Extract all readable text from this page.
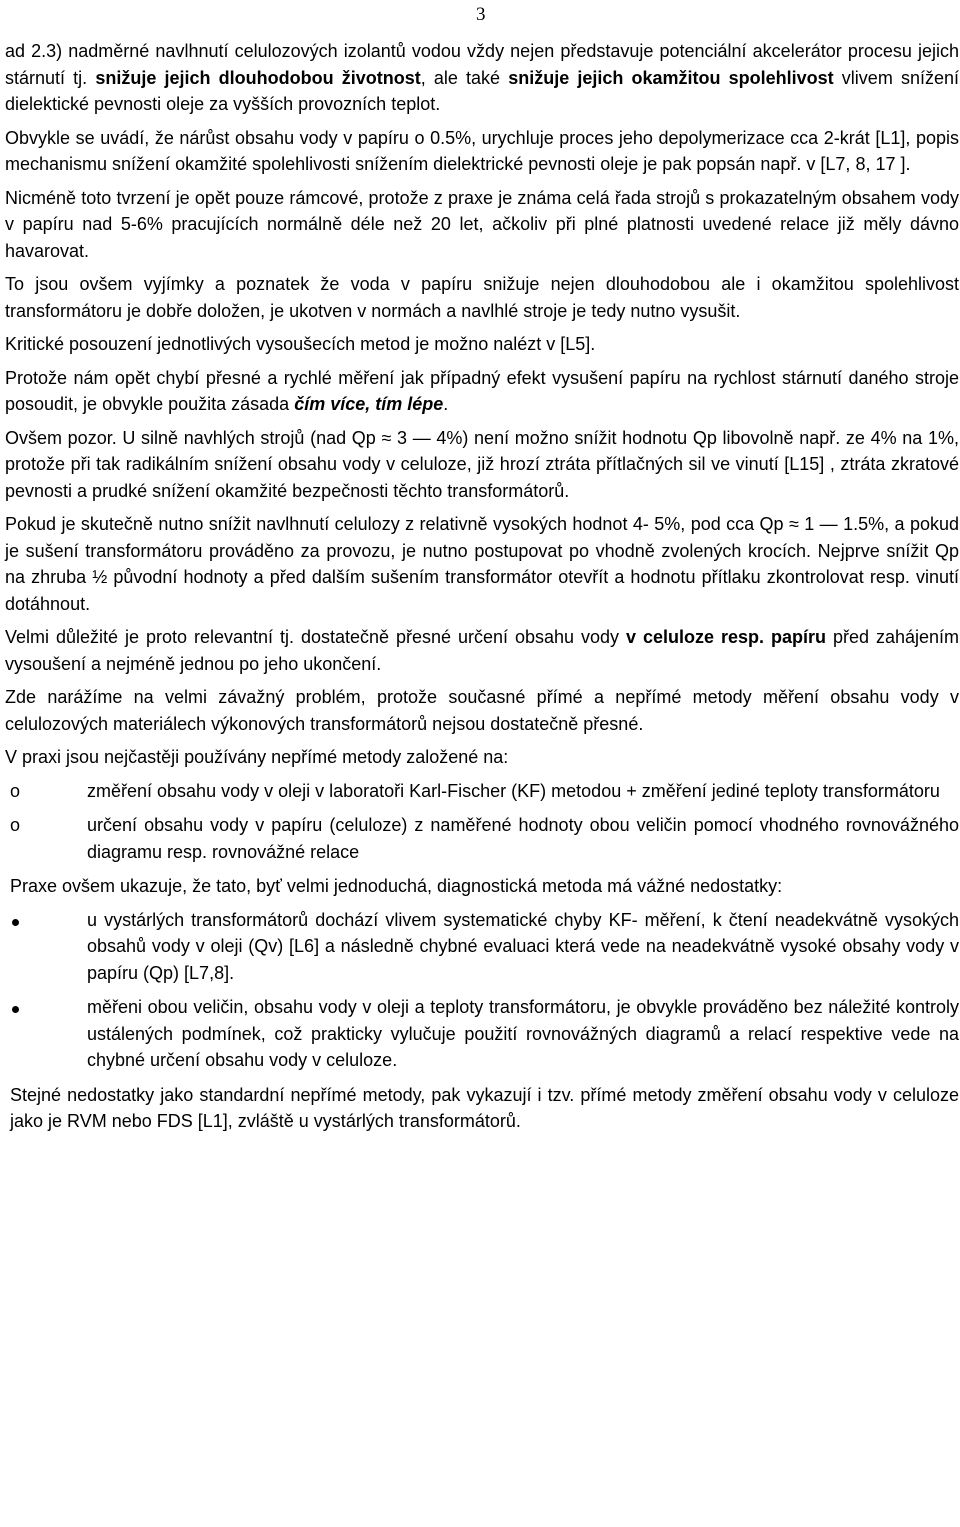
3

ad 2.3) nadměrné navlhnutí celulozových izolantů vodou vždy nejen představuje potenciální akcelerátor procesu jejich stárnutí tj. snižuje jejich dlouhodobou životnost, ale také snižuje jejich okamžitou spolehlivost vlivem snížení dielektické pevnosti oleje za vyšších provozních teplot.

Obvykle se uvádí, že nárůst obsahu vody v papíru o 0.5%, urychluje proces jeho depolymerizace cca 2-krát [L1], popis mechanismu snížení okamžité spolehlivosti snížením dielektrické pevnosti oleje je pak popsán např. v [L7, 8, 17 ].

Nicméně toto tvrzení je opět pouze rámcové, protože z praxe je známa celá řada strojů s prokazatelným obsahem vody v papíru nad 5-6% pracujících normálně déle než 20 let, ačkoliv při plné platnosti uvedené relace již měly dávno havarovat.

To jsou ovšem vyjímky a poznatek že voda v papíru snižuje nejen dlouhodobou ale i okamžitou spolehlivost transformátoru je dobře doložen, je ukotven v normách a navlhlé stroje je tedy nutno vysušit.

Kritické posouzení jednotlivých vysoušecích metod je možno nalézt v [L5].

Protože nám opět chybí přesné a rychlé měření jak případný efekt vysušení papíru na rychlost stárnutí daného stroje posoudit, je obvykle použita zásada čím více, tím lépe.

Ovšem pozor. U silně navhlých strojů (nad Qp ≈ 3 — 4%) není možno snížit hodnotu Qp libovolně např. ze 4% na 1%, protože při tak radikálním snížení obsahu vody v celuloze, již hrozí ztráta přítlačných sil ve vinutí [L15] , ztráta zkratové pevnosti a prudké snížení okamžité bezpečnosti těchto transformátorů.

Pokud je skutečně nutno snížit navlhnutí celulozy z relativně vysokých hodnot 4- 5%, pod cca Qp ≈ 1 — 1.5%, a pokud je sušení transformátoru prováděno za provozu, je nutno postupovat po vhodně zvolených krocích. Nejprve snížit Qp na zhruba ½ původní hodnoty a před dalším sušením transformátor otevřít a hodnotu přítlaku zkontrolovat resp. vinutí dotáhnout.

Velmi důležité je proto relevantní tj. dostatečně přesné určení obsahu vody v celuloze resp. papíru před zahájením vysoušení a nejméně jednou po jeho ukončení.

Zde narážíme na velmi závažný problém, protože současné přímé a nepřímé metody měření obsahu vody v celulozových materiálech výkonových transformátorů nejsou dostatečně přesné.

V praxi jsou nejčastěji používány nepřímé metody založené na:

o	změření obsahu vody v oleji v laboratoři Karl-Fischer (KF) metodou + změření jediné teploty transformátoru
o	určení obsahu vody v papíru (celuloze) z naměřené hodnoty obou veličin pomocí vhodného rovnovážného diagramu resp. rovnovážné relace

Praxe ovšem ukazuje, že tato, byť velmi jednoduchá, diagnostická metoda má vážné nedostatky:

u vystárlých transformátorů dochází vlivem systematické chyby KF- měření, k čtení neadekvátně vysokých obsahů vody v oleji (Qv) [L6] a následně chybné evaluaci která vede na neadekvátně vysoké obsahy vody v papíru (Qp) [L7,8].
měřeni obou veličin, obsahu vody v oleji a teploty transformátoru, je obvykle prováděno bez náležité kontroly ustálených podmínek, což prakticky vylučuje použití rovnovážných diagramů a relací respektive vede na chybné určení obsahu vody v celuloze.

Stejné nedostatky jako standardní nepřímé metody, pak vykazují i tzv. přímé metody změření obsahu vody v celuloze jako je RVM nebo FDS [L1], zvláště u vystárlých transformátorů.
